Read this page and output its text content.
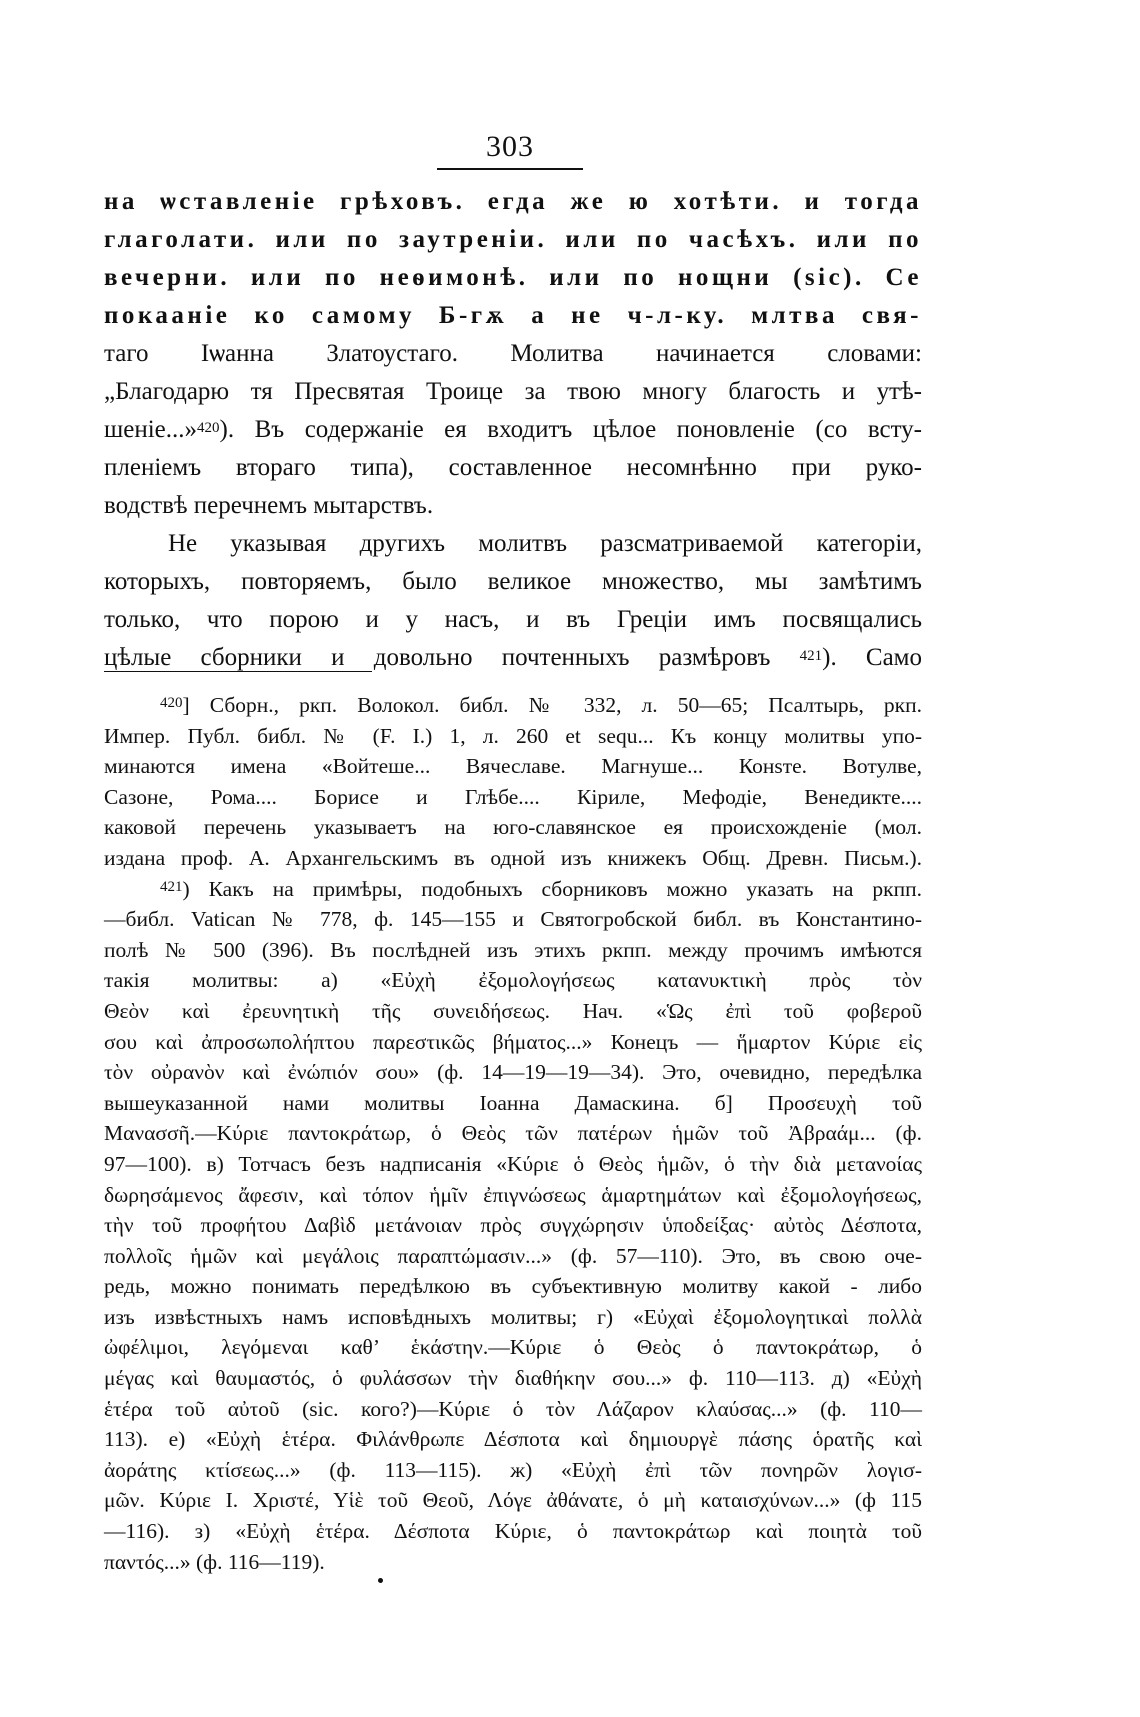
303
на ѡставленіе грѣховъ. егда же ю хотѣти. и тогда
глаголати. или по заутреніи. или по часѣхъ. или по
вечерни. или по неѳимонѣ. или по нощни (sic). Се
покааніе ко самому Б-гѫ а не ч-л-ку. млтва свя-
таго Іѡанна Златоустаго. Молитва начинается словами:
„Благодарю тя Пресвятая Троице за твою многу благость и утѣ-
шеніе...»$^{420}$). Въ содержаніе ея входитъ цѣлое поновленіе (со всту-
пленіемъ втораго типа), составленное несомнѣнно при руко-
водствѣ перечнемъ мытарствъ.
Не указывая другихъ молитвъ разсматриваемой категоріи,
которыхъ, повторяемъ, было великое множество, мы замѣтимъ
только, что порою и у насъ, и въ Греціи имъ посвящались
цѣлые сборники и довольно почтенныхъ размѣровъ $^{421}$). Само
$^{420}$] Сборн., ркп. Волокол. библ. № 332, л. 50—65; Псалтырь, ркп.
Импер. Публ. библ. № (F. I.) 1, л. 260 et sequ... Къ концу молитвы упо-
минаются имена «Войтеше... Вячеславе. Магнуше... Конѕте. Вотулве,
Сазоне, Рома.... Борисе и Глѣбе.... Кіриле, Мефодіе, Венедикте....
каковой перечень указываетъ на юго-славянское ея происхожденіе (мол.
издана проф. А. Архангельскимъ въ одной изъ книжекъ Общ. Древн. Письм.).
$^{421}$) Какъ на примѣры, подобныхъ сборниковъ можно указать на ркпп.
—библ. Vatican № 778, ф. 145—155 и Святогробской библ. въ Константино-
полѣ № 500 (396). Въ послѣдней изъ этихъ ркпп. между прочимъ имѣются
такія молитвы: а) «Εὐχὴ ἐξομολογήσεως κατανυκτικὴ πρὸς τὸν
Θεὸν καὶ ἐρευνητικὴ τῆς συνειδήσεως. Нач. «Ὡς ἐπὶ τοῦ φοβεροῦ
σου καὶ ἀπροσωπολήπτου παρεστικῶς βήματος...» Конецъ — ἥμαρτον Κύριε εἰς
τὸν οὐρανὸν καὶ ἐνώπιόν σου» (ф. 14—19—19—34). Это, очевидно, передѣлка
вышеуказанной нами молитвы Іоанна Дамаскина. б] Προσευχὴ τοῦ
Μανασσῆ.—Κύριε παντοκράτωρ, ὁ Θεὸς τῶν πατέρων ἡμῶν τοῦ Ἀβραάμ... (ф.
97—100). в) Тотчасъ безъ надписанія «Κύριε ὁ Θεὸς ἡμῶν, ὁ τὴν διὰ μετανοίας
δωρησάμενος ἄφεσιν, καὶ τόπον ἡμῖν ἐπιγνώσεως ἁμαρτημάτων καὶ ἐξομολογήσεως,
τὴν τοῦ προφήτου Δαβὶδ μετάνοιαν πρὸς συγχώρησιν ὑποδείξας· αὐτὸς Δέσποτα,
πολλοῖς ἡμῶν καὶ μεγάλοις παραπτώμασιν...» (ф. 57—110). Это, въ свою оче-
редь, можно понимать передѣлкою въ субъективную молитву какой - либо
изъ извѣстныхъ намъ исповѣдныхъ молитвы; г) «Εὐχαὶ ἐξομολογητικαὶ πολλὰ
ὠφέλιμοι, λεγόμεναι καθ’ ἑκάστην.—Κύριε ὁ Θεὸς ὁ παντοκράτωρ, ὁ
μέγας καὶ θαυμαστός, ὁ φυλάσσων τὴν διαθήκην σου...» ф. 110—113. д) «Εὐχὴ
ἑτέρα τοῦ αὐτοῦ (sic. кого?)—Κύριε ὁ τὸν Λάζαρον κλαύσας...» (ф. 110—
113). е) «Εὐχὴ ἑτέρα. Φιλάνθρωπε Δέσποτα καὶ δημιουργὲ πάσης ὁρατῆς καὶ
ἀοράτης κτίσεως...» (ф. 113—115). ж) «Εὐχὴ ἐπὶ τῶν πονηρῶν λογισ-
μῶν. Κύριε Ι. Χριστέ, Υἱὲ τοῦ Θεοῦ, Λόγε ἀθάνατε, ὁ μὴ καταισχύνων...» (ф 115
—116). з) «Εὐχὴ ἑτέρα. Δέσποτα Κύριε, ὁ παντοκράτωρ καὶ ποιητὰ τοῦ
παντός...» (ф. 116—119).
